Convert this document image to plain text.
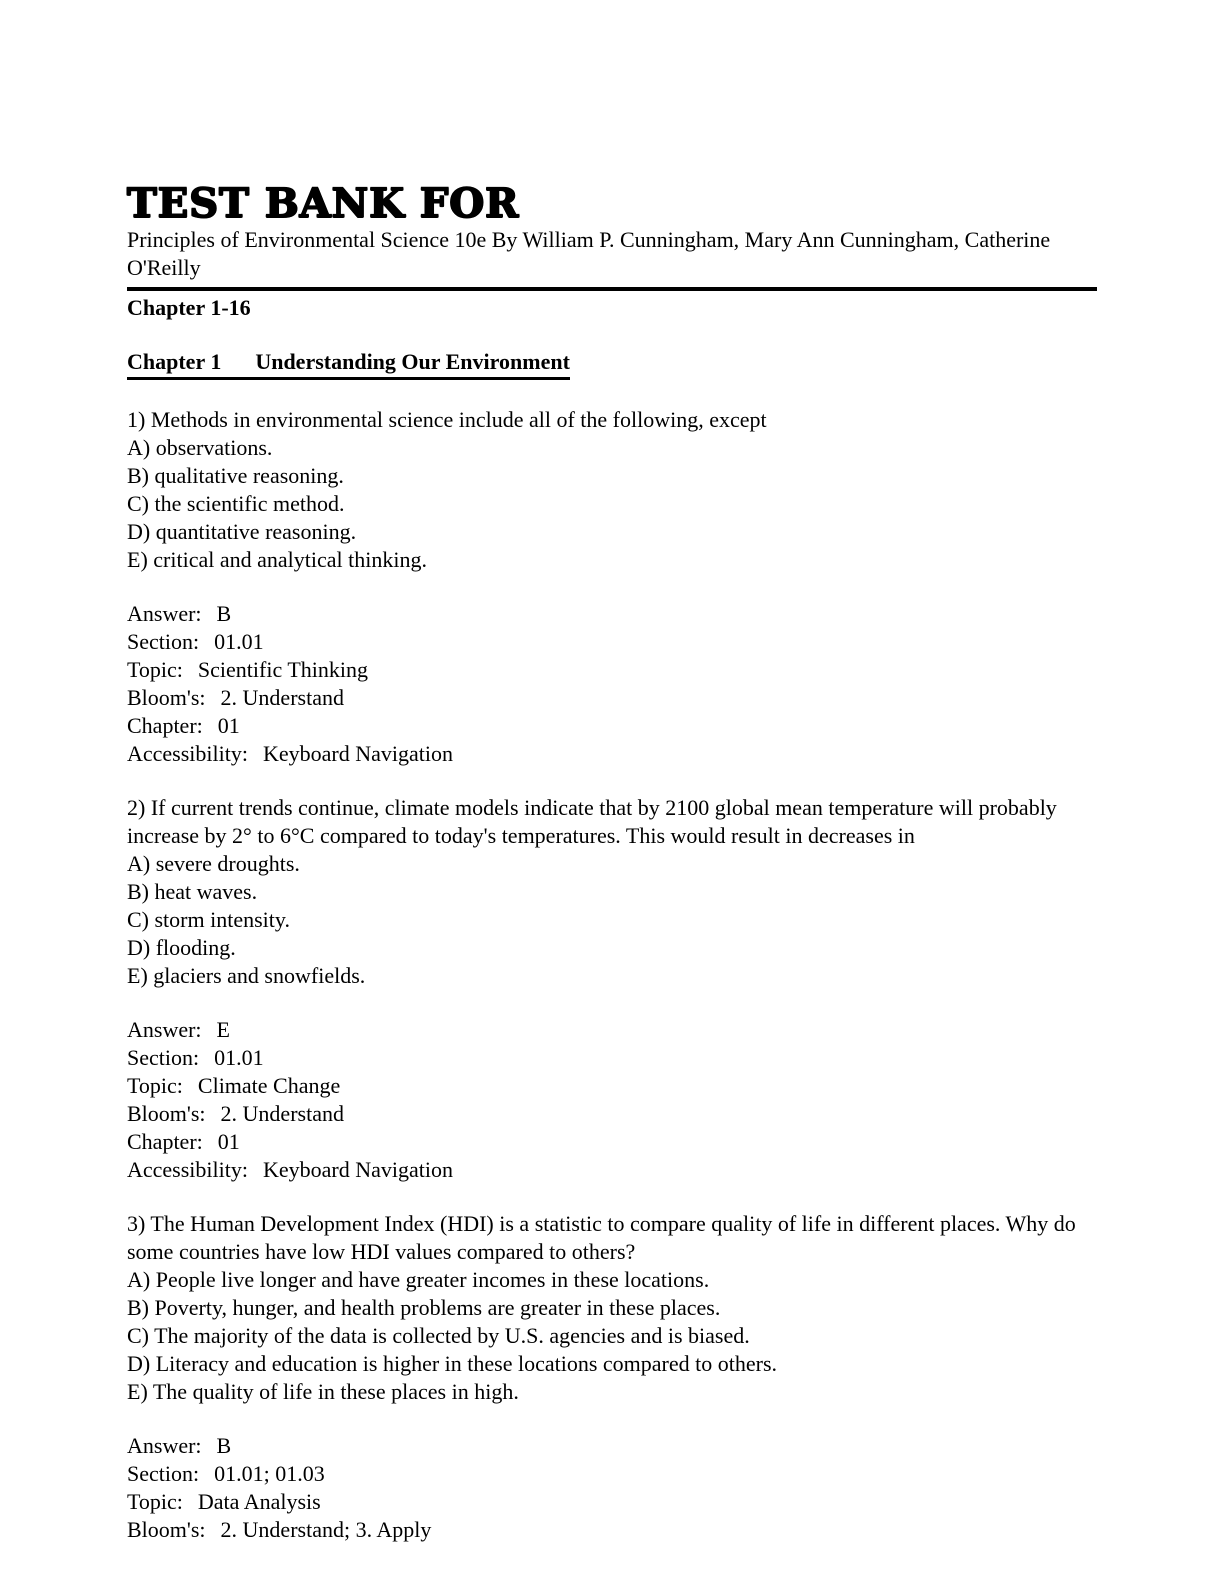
TEST BANK FOR
Principles of Environmental Science 10e By William P. Cunningham, Mary Ann Cunningham, Catherine O'Reilly
Chapter 1-16
Chapter 1 Understanding Our Environment
1) Methods in environmental science include all of the following, except
A) observations.
B) qualitative reasoning.
C) the scientific method.
D) quantitative reasoning.
E) critical and analytical thinking.
Answer: B
Section: 01.01
Topic: Scientific Thinking
Bloom's: 2. Understand
Chapter: 01
Accessibility: Keyboard Navigation
2) If current trends continue, climate models indicate that by 2100 global mean temperature will probably increase by 2° to 6°C compared to today's temperatures. This would result in decreases in
A) severe droughts.
B) heat waves.
C) storm intensity.
D) flooding.
E) glaciers and snowfields.
Answer: E
Section: 01.01
Topic: Climate Change
Bloom's: 2. Understand
Chapter: 01
Accessibility: Keyboard Navigation
3) The Human Development Index (HDI) is a statistic to compare quality of life in different places. Why do some countries have low HDI values compared to others?
A) People live longer and have greater incomes in these locations.
B) Poverty, hunger, and health problems are greater in these places.
C) The majority of the data is collected by U.S. agencies and is biased.
D) Literacy and education is higher in these locations compared to others.
E) The quality of life in these places in high.
Answer: B
Section: 01.01; 01.03
Topic: Data Analysis
Bloom's: 2. Understand; 3. Apply
